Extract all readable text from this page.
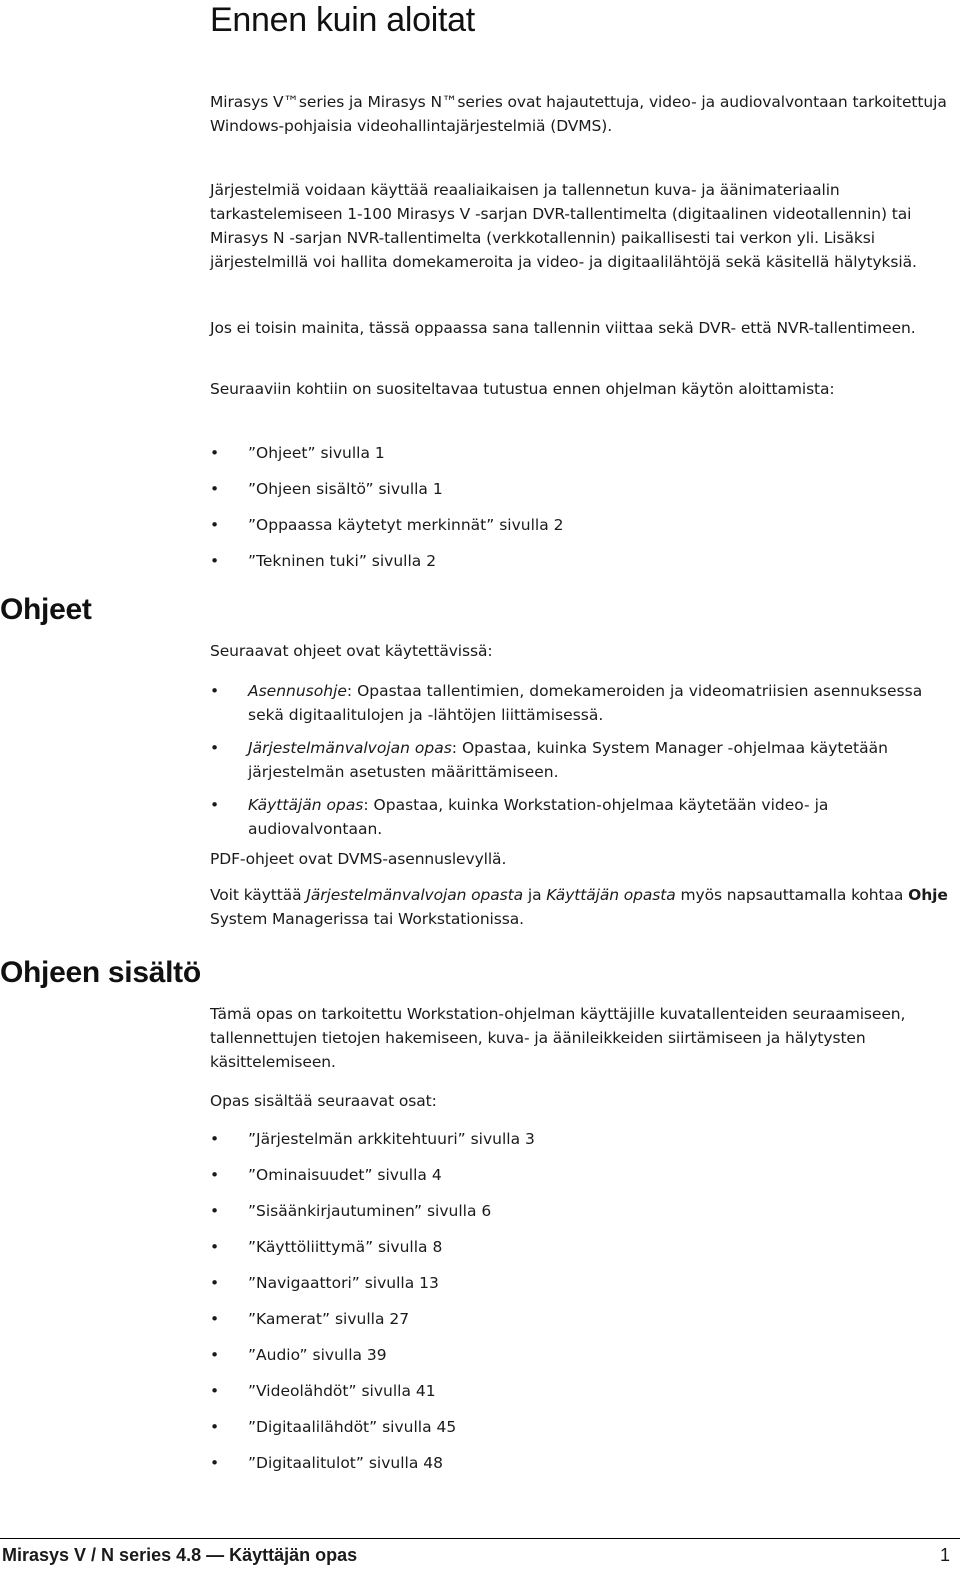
Ennen kuin aloitat

Mirasys V™series ja Mirasys N™series ovat hajautettuja, video- ja audiovalvontaan tarkoitettuja Windows-pohjaisia videohallintajärjestelmiä (DVMS).

Järjestelmiä voidaan käyttää reaaliaikaisen ja tallennetun kuva- ja äänimateriaalin tarkastelemiseen 1-100 Mirasys V -sarjan DVR-tallentimelta (digitaalinen videotallennin) tai Mirasys N -sarjan NVR-tallentimelta (verkkotallennin) paikallisesti tai verkon yli. Lisäksi järjestelmillä voi hallita domekameroita ja video- ja digitaalilähtöjä sekä käsitellä hälytyksiä.

Jos ei toisin mainita, tässä oppaassa sana tallennin viittaa sekä DVR- että NVR-tallentimeen.

Seuraaviin kohtiin on suositeltavaa tutustua ennen ohjelman käytön aloittamista:

• ”Ohjeet” sivulla 1
• ”Ohjeen sisältö” sivulla 1
• ”Oppaassa käytetyt merkinnät” sivulla 2
• ”Tekninen tuki” sivulla 2
Ohjeet

Seuraavat ohjeet ovat käytettävissä:

• Asennusohje: Opastaa tallentimien, domekameroiden ja videomatriisien asennuksessa sekä digitaalitulojen ja -lähtöjen liittämisessä.
• Järjestelmänvalvojan opas: Opastaa, kuinka System Manager -ohjelmaa käytetään järjestelmän asetusten määrittämiseen.
• Käyttäjän opas: Opastaa, kuinka Workstation-ohjelmaa käytetään video- ja audiovalvontaan.

PDF-ohjeet ovat DVMS-asennuslevyllä.

Voit käyttää Järjestelmänvalvojan opasta ja Käyttäjän opasta myös napsauttamalla kohtaa Ohje System Managerissa tai Workstationissa.

Ohjeen sisältö

Tämä opas on tarkoitettu Workstation-ohjelman käyttäjille kuvatallenteiden seuraamiseen, tallennettujen tietojen hakemiseen, kuva- ja äänileikkeiden siirtämiseen ja hälytysten käsittelemiseen.

Opas sisältää seuraavat osat:

• ”Järjestelmän arkkitehtuuri” sivulla 3
• ”Ominaisuudet” sivulla 4
• ”Sisäänkirjautuminen” sivulla 6
• ”Käyttöliittymä” sivulla 8
• ”Navigaattori” sivulla 13
• ”Kamerat” sivulla 27
• ”Audio” sivulla 39
• ”Videolähdöt” sivulla 41
• ”Digitaalilähdöt” sivulla 45
• ”Digitaalitulot” sivulla 48
Mirasys V / N series 4.8 — Käyttäjän opas	1
